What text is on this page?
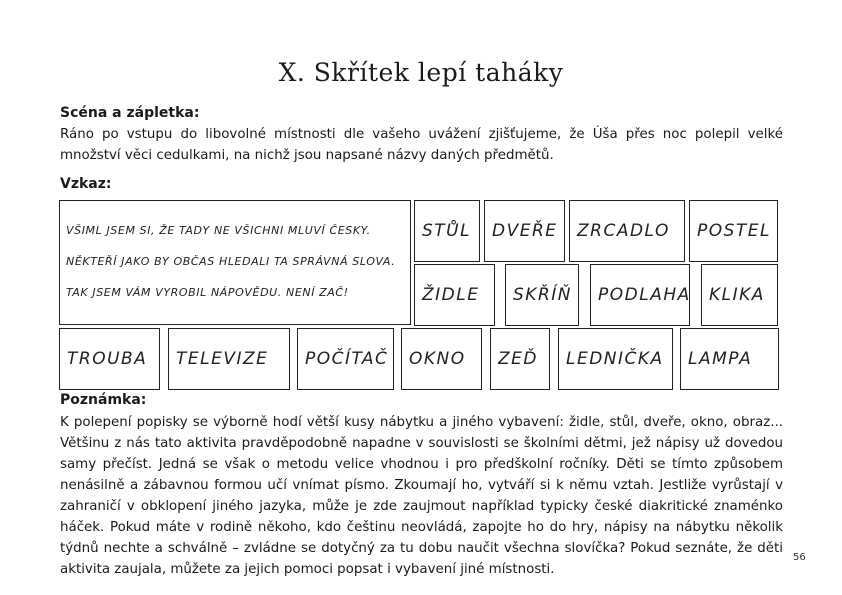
X. Skřítek lepí taháky
Scéna a zápletka:

Ráno po vstupu do libovolné místnosti dle vašeho uvážení zjišťujeme, že Úša přes noc polepil velké množství věci cedulkami, na nichž jsou napsané názvy daných předmětů.

Vzkaz:
VŠIML JSEM SI, ŽE TADY NE VŠICHNI MLUVÍ ČESKY.
NĚKTEŘÍ JAKO BY OBČAS HLEDALI TA SPRÁVNÁ SLOVA.
TAK JSEM VÁM VYROBIL NÁPOVĚDU. NENÍ ZAČ!
STŮL	DVEŘE	ZRCADLO	POSTEL
ŽIDLE	SKŘÍŇ	PODLAHA	KLIKA
TROUBA	TELEVIZE	POČÍTAČ	OKNO	ZEĎ	LEDNIČKA	LAMPA
Poznámka:

K polepení popisky se výborně hodí větší kusy nábytku a jiného vybavení: židle, stůl, dveře, okno, obraz... Většinu z nás tato aktivita pravděpodobně napadne v souvislosti se školními dětmi, jež nápisy už dovedou samy přečíst. Jedná se však o metodu velice vhodnou i pro předškolní ročníky. Děti se tímto způsobem nenásilně a zábavnou formou učí vnímat písmo. Zkoumají ho, vytváří si k němu vztah. Jestliže vyrůstají v zahraničí v obklopení jiného jazyka, může je zde zaujmout například typicky české diakritické znaménko háček. Pokud máte v rodině někoho, kdo češtinu neovládá, zapojte ho do hry, nápisy na nábytku několik týdnů nechte a schválně – zvládne se dotyčný za tu dobu naučit všechna slovíčka? Pokud seznáte, že děti aktivita zaujala, můžete za jejich pomoci popsat i vybavení jiné místnosti.

56
